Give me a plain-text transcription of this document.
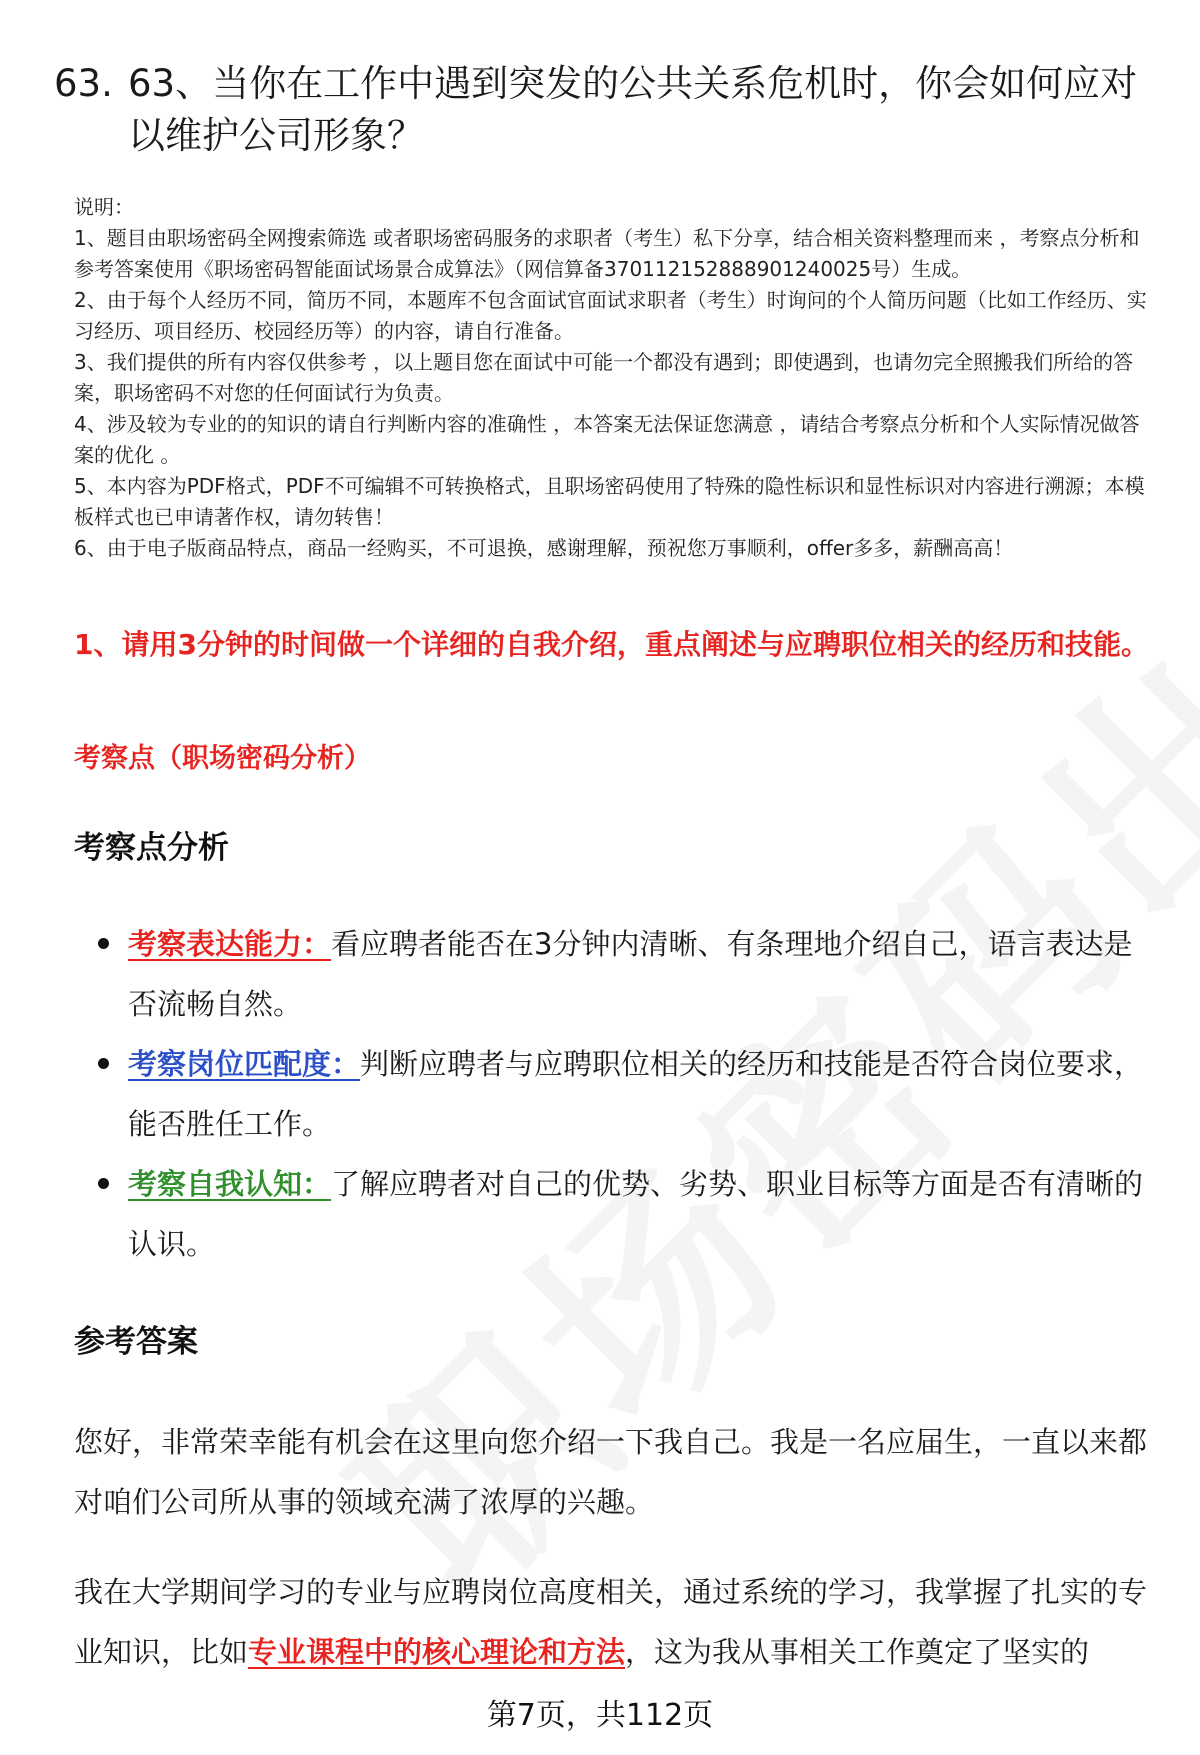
63. 63、当你在工作中遇到突发的公共关系危机时，你会如何应对以维护公司形象？

说明：

1、题目由职场密码全网搜索筛选 或者职场密码服务的求职者（考生）私下分享，结合相关资料整理而来 ，考察点分析和参考答案使用《职场密码智能面试场景合成算法》（网信算备370112152888901240025号）生成。

2、由于每个人经历不同，简历不同，本题库不包含面试官面试求职者（考生）时询问的个人简历问题（比如工作经历、实习经历、项目经历、校园经历等）的内容，请自行准备。

3、我们提供的所有内容仅供参考 ，以上题目您在面试中可能一个都没有遇到；即使遇到，也请勿完全照搬我们所给的答案，职场密码不对您的任何面试行为负责。

4、涉及较为专业的的知识的请自行判断内容的准确性 ，本答案无法保证您满意 ，请结合考察点分析和个人实际情况做答案的优化 。

5、本内容为PDF格式，PDF不可编辑不可转换格式，且职场密码使用了特殊的隐性标识和显性标识对内容进行溯源；本模板样式也已申请著作权，请勿转售！

6、由于电子版商品特点，商品一经购买，不可退换，感谢理解，预祝您万事顺利，offer多多，薪酬高高！

1、请用3分钟的时间做一个详细的自我介绍，重点阐述与应聘职位相关的经历和技能。
考察点（职场密码分析）
考察点分析
考察表达能力：看应聘者能否在3分钟内清晰、有条理地介绍自己，语言表达是否流畅自然。
考察岗位匹配度：判断应聘者与应聘职位相关的经历和技能是否符合岗位要求，能否胜任工作。
考察自我认知：了解应聘者对自己的优势、劣势、职业目标等方面是否有清晰的认识。
参考答案

您好，非常荣幸能有机会在这里向您介绍一下我自己。我是一名应届生，一直以来都对咱们公司所从事的领域充满了浓厚的兴趣。

我在大学期间学习的专业与应聘岗位高度相关，通过系统的学习，我掌握了扎实的专业知识，比如专业课程中的核心理论和方法，这为我从事相关工作奠定了坚实的

第7页，共112页
